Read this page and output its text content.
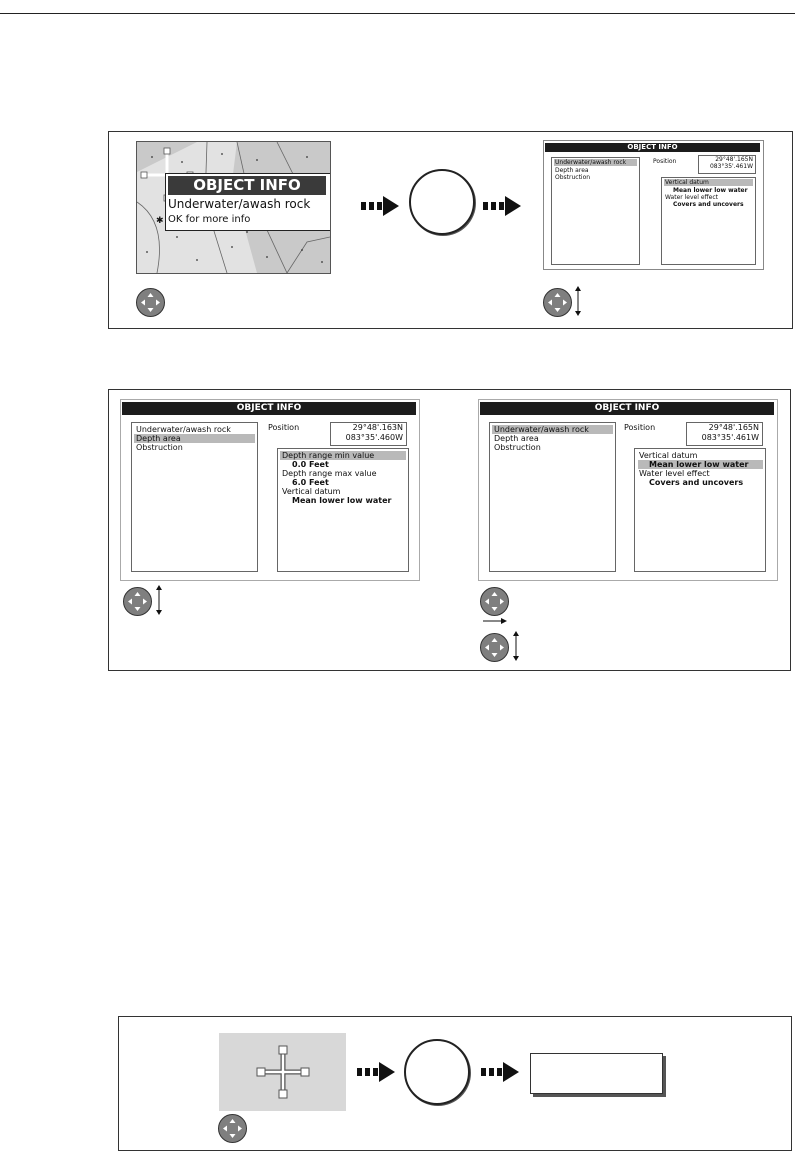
OBJECT INFO
Underwater/awash rock
✱ OK for more info
OBJECT INFO
Underwater/awash rock
Depth area
Obstruction
Position	29°48'.165N
083°35'.461W
Vertical datum
Mean lower low water
Water level effect
Covers and uncovers
OBJECT INFO
Underwater/awash rock
Depth area
Obstruction
Position	29°48'.163N
083°35'.460W
Depth range min value
0.0 Feet
Depth range max value
6.0 Feet
Vertical datum
Mean lower low water
OBJECT INFO
Underwater/awash rock
Depth area
Obstruction
Position	29°48'.165N
083°35'.461W
Vertical datum
Mean lower low water
Water level effect
Covers and uncovers
